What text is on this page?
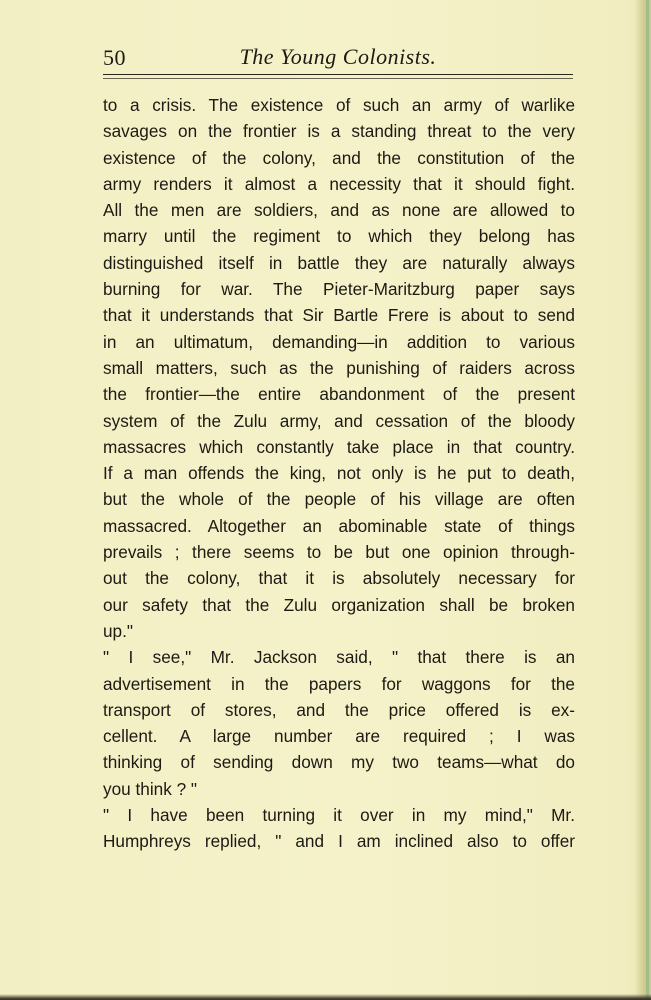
50	The Young Colonists.
to a crisis. The existence of such an army of warlike
savages on the frontier is a standing threat to the very
existence of the colony, and the constitution of the
army renders it almost a necessity that it should fight.
All the men are soldiers, and as none are allowed to
marry until the regiment to which they belong has
distinguished itself in battle they are naturally always
burning for war. The Pieter-Maritzburg paper says
that it understands that Sir Bartle Frere is about to send
in an ultimatum, demanding—in addition to various
small matters, such as the punishing of raiders across
the frontier—the entire abandonment of the present
system of the Zulu army, and cessation of the bloody
massacres which constantly take place in that country.
If a man offends the king, not only is he put to death,
but the whole of the people of his village are often
massacred. Altogether an abominable state of things
prevails ; there seems to be but one opinion through-
out the colony, that it is absolutely necessary for
our safety that the Zulu organization shall be broken
up."
" I see," Mr. Jackson said, " that there is an
advertisement in the papers for waggons for the
transport of stores, and the price offered is ex-
cellent. A large number are required ; I was
thinking of sending down my two teams—what do
you think ? "
" I have been turning it over in my mind," Mr.
Humphreys replied, " and I am inclined also to offer
